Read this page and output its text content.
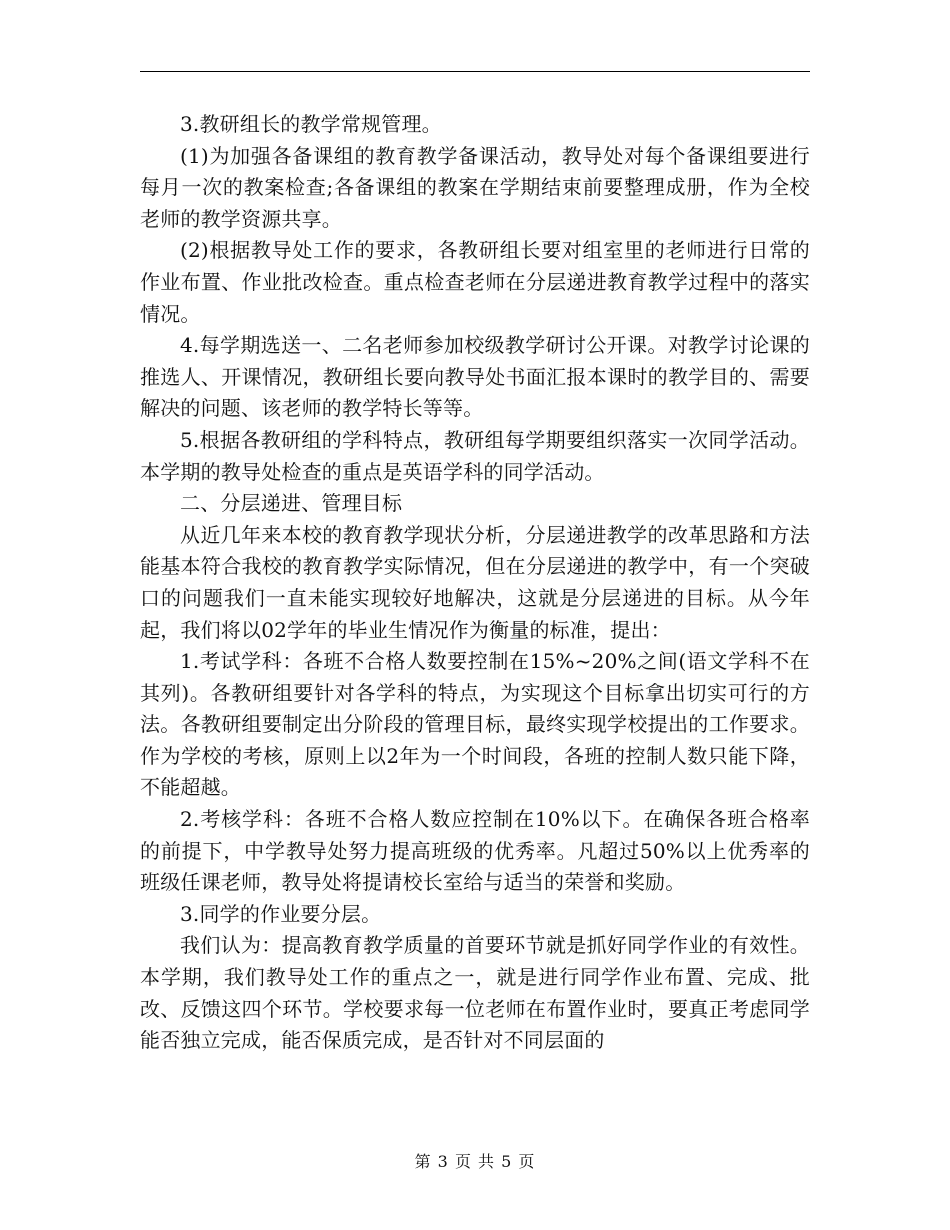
3.教研组长的教学常规管理。

(1)为加强各备课组的教育教学备课活动，教导处对每个备课组要进行每月一次的教案检查;各备课组的教案在学期结束前要整理成册，作为全校老师的教学资源共享。

(2)根据教导处工作的要求，各教研组长要对组室里的老师进行日常的作业布置、作业批改检查。重点检查老师在分层递进教育教学过程中的落实情况。

4.每学期选送一、二名老师参加校级教学研讨公开课。对教学讨论课的推选人、开课情况，教研组长要向教导处书面汇报本课时的教学目的、需要解决的问题、该老师的教学特长等等。

5.根据各教研组的学科特点，教研组每学期要组织落实一次同学活动。本学期的教导处检查的重点是英语学科的同学活动。

二、分层递进、管理目标

从近几年来本校的教育教学现状分析，分层递进教学的改革思路和方法能基本符合我校的教育教学实际情况，但在分层递进的教学中，有一个突破口的问题我们一直未能实现较好地解决，这就是分层递进的目标。从今年起，我们将以02学年的毕业生情况作为衡量的标准，提出：

1.考试学科：各班不合格人数要控制在15%~20%之间(语文学科不在其列)。各教研组要针对各学科的特点，为实现这个目标拿出切实可行的方法。各教研组要制定出分阶段的管理目标，最终实现学校提出的工作要求。作为学校的考核，原则上以2年为一个时间段，各班的控制人数只能下降，不能超越。

2.考核学科：各班不合格人数应控制在10%以下。在确保各班合格率的前提下，中学教导处努力提高班级的优秀率。凡超过50%以上优秀率的班级任课老师，教导处将提请校长室给与适当的荣誉和奖励。

3.同学的作业要分层。

我们认为：提高教育教学质量的首要环节就是抓好同学作业的有效性。本学期，我们教导处工作的重点之一，就是进行同学作业布置、完成、批改、反馈这四个环节。学校要求每一位老师在布置作业时，要真正考虑同学能否独立完成，能否保质完成，是否针对不同层面的

第 3 页 共 5 页
